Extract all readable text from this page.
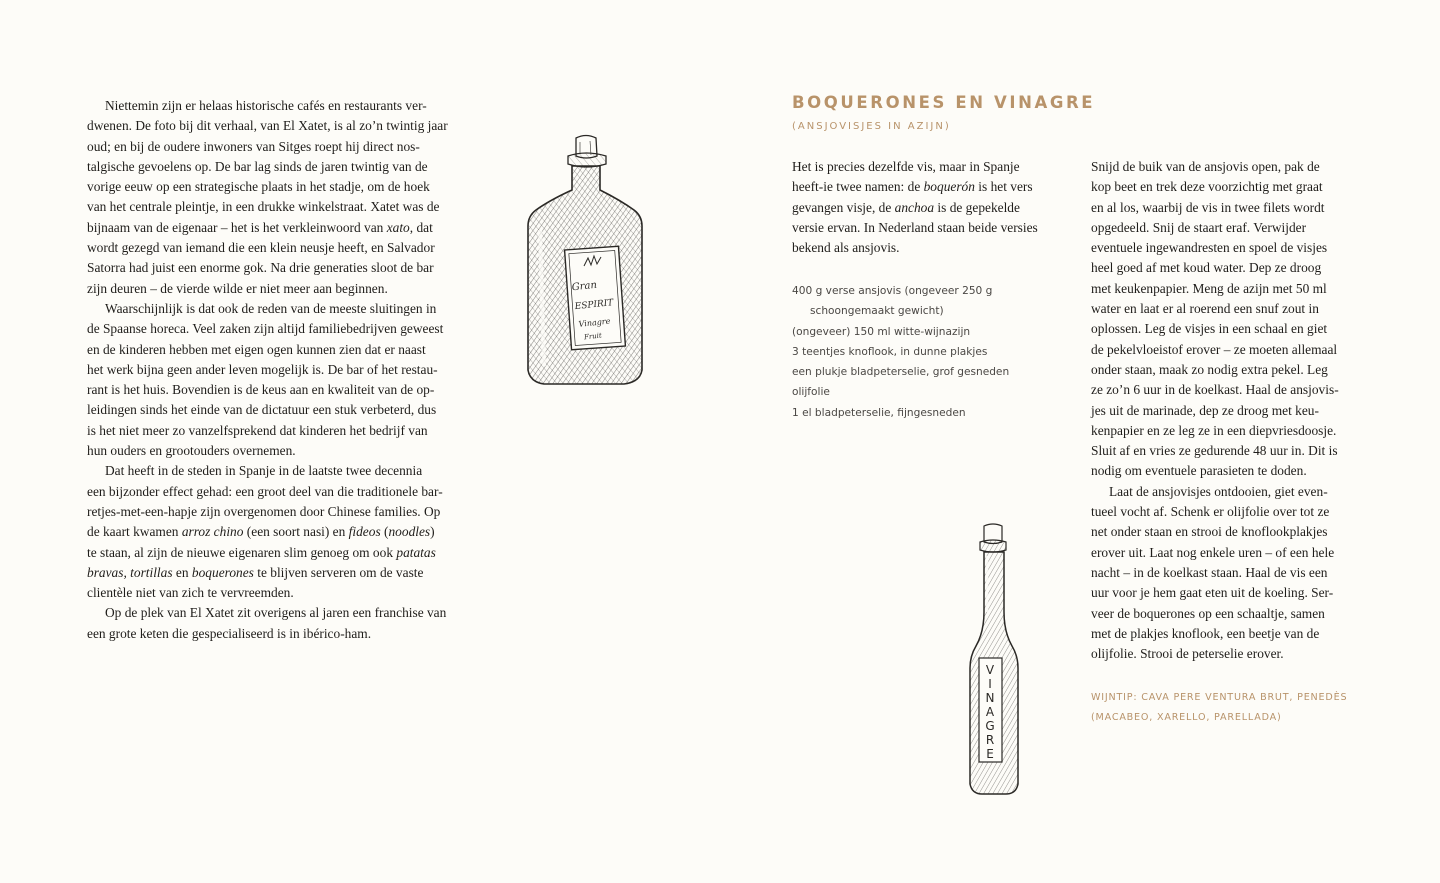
Niettemin zijn er helaas historische cafés en restaurants ver-
dwenen. De foto bij dit verhaal, van El Xatet, is al zo’n twintig jaar
oud; en bij de oudere inwoners van Sitges roept hij direct nos-
talgische gevoelens op. De bar lag sinds de jaren twintig van de
vorige eeuw op een strategische plaats in het stadje, om de hoek
van het centrale pleintje, in een drukke winkelstraat. Xatet was de
bijnaam van de eigenaar – het is het verkleinwoord van xato, dat
wordt gezegd van iemand die een klein neusje heeft, en Salvador
Satorra had juist een enorme gok. Na drie generaties sloot de bar
zijn deuren – de vierde wilde er niet meer aan beginnen.
Waarschijnlijk is dat ook de reden van de meeste sluitingen in
de Spaanse horeca. Veel zaken zijn altijd familiebedrijven geweest
en de kinderen hebben met eigen ogen kunnen zien dat er naast
het werk bijna geen ander leven mogelijk is. De bar of het restau-
rant is het huis. Bovendien is de keus aan en kwaliteit van de op-
leidingen sinds het einde van de dictatuur een stuk verbeterd, dus
is het niet meer zo vanzelfsprekend dat kinderen het bedrijf van
hun ouders en grootouders overnemen.
Dat heeft in de steden in Spanje in de laatste twee decennia
een bijzonder effect gehad: een groot deel van die traditionele bar-
retjes-met-een-hapje zijn overgenomen door Chinese families. Op
de kaart kwamen arroz chino (een soort nasi) en fideos (noodles)
te staan, al zijn de nieuwe eigenaren slim genoeg om ook patatas
bravas, tortillas en boquerones te blijven serveren om de vaste
clientèle niet van zich te vervreemden.
Op de plek van El Xatet zit overigens al jaren een franchise van
een grote keten die gespecialiseerd is in ibérico-ham.
Gran
ESPIRIT
Vinagre
Fruit
BOQUERONES EN VINAGRE
(ANSJOVISJES IN AZIJN)
Het is precies dezelfde vis, maar in Spanje
heeft-ie twee namen: de boquerón is het vers
gevangen visje, de anchoa is de gepekelde
versie ervan. In Nederland staan beide versies
bekend als ansjovis.
400 g verse ansjovis (ongeveer 250 g
schoongemaakt gewicht)
(ongeveer) 150 ml witte-wijnazijn
3 teentjes knoflook, in dunne plakjes
een plukje bladpeterselie, grof gesneden
olijfolie
1 el bladpeterselie, fijngesneden
Snijd de buik van de ansjovis open, pak de
kop beet en trek deze voorzichtig met graat
en al los, waarbij de vis in twee filets wordt
opgedeeld. Snij de staart eraf. Verwijder
eventuele ingewandresten en spoel de visjes
heel goed af met koud water. Dep ze droog
met keukenpapier. Meng de azijn met 50 ml
water en laat er al roerend een snuf zout in
oplossen. Leg de visjes in een schaal en giet
de pekelvloeistof erover – ze moeten allemaal
onder staan, maak zo nodig extra pekel. Leg
ze zo’n 6 uur in de koelkast. Haal de ansjovis-
jes uit de marinade, dep ze droog met keu-
kenpapier en ze leg ze in een diepvriesdoosje.
Sluit af en vries ze gedurende 48 uur in. Dit is
nodig om eventuele parasieten te doden.
Laat de ansjovisjes ontdooien, giet even-
tueel vocht af. Schenk er olijfolie over tot ze
net onder staan en strooi de knoflookplakjes
erover uit. Laat nog enkele uren – of een hele
nacht – in de koelkast staan. Haal de vis een
uur voor je hem gaat eten uit de koeling. Ser-
veer de boquerones op een schaaltje, samen
met de plakjes knoflook, een beetje van de
olijfolie. Strooi de peterselie erover.
WIJNTIP: CAVA PERE VENTURA BRUT, PENEDÈS
(MACABEO, XARELLO, PARELLADA)
V
I
N
A
G
R
E
